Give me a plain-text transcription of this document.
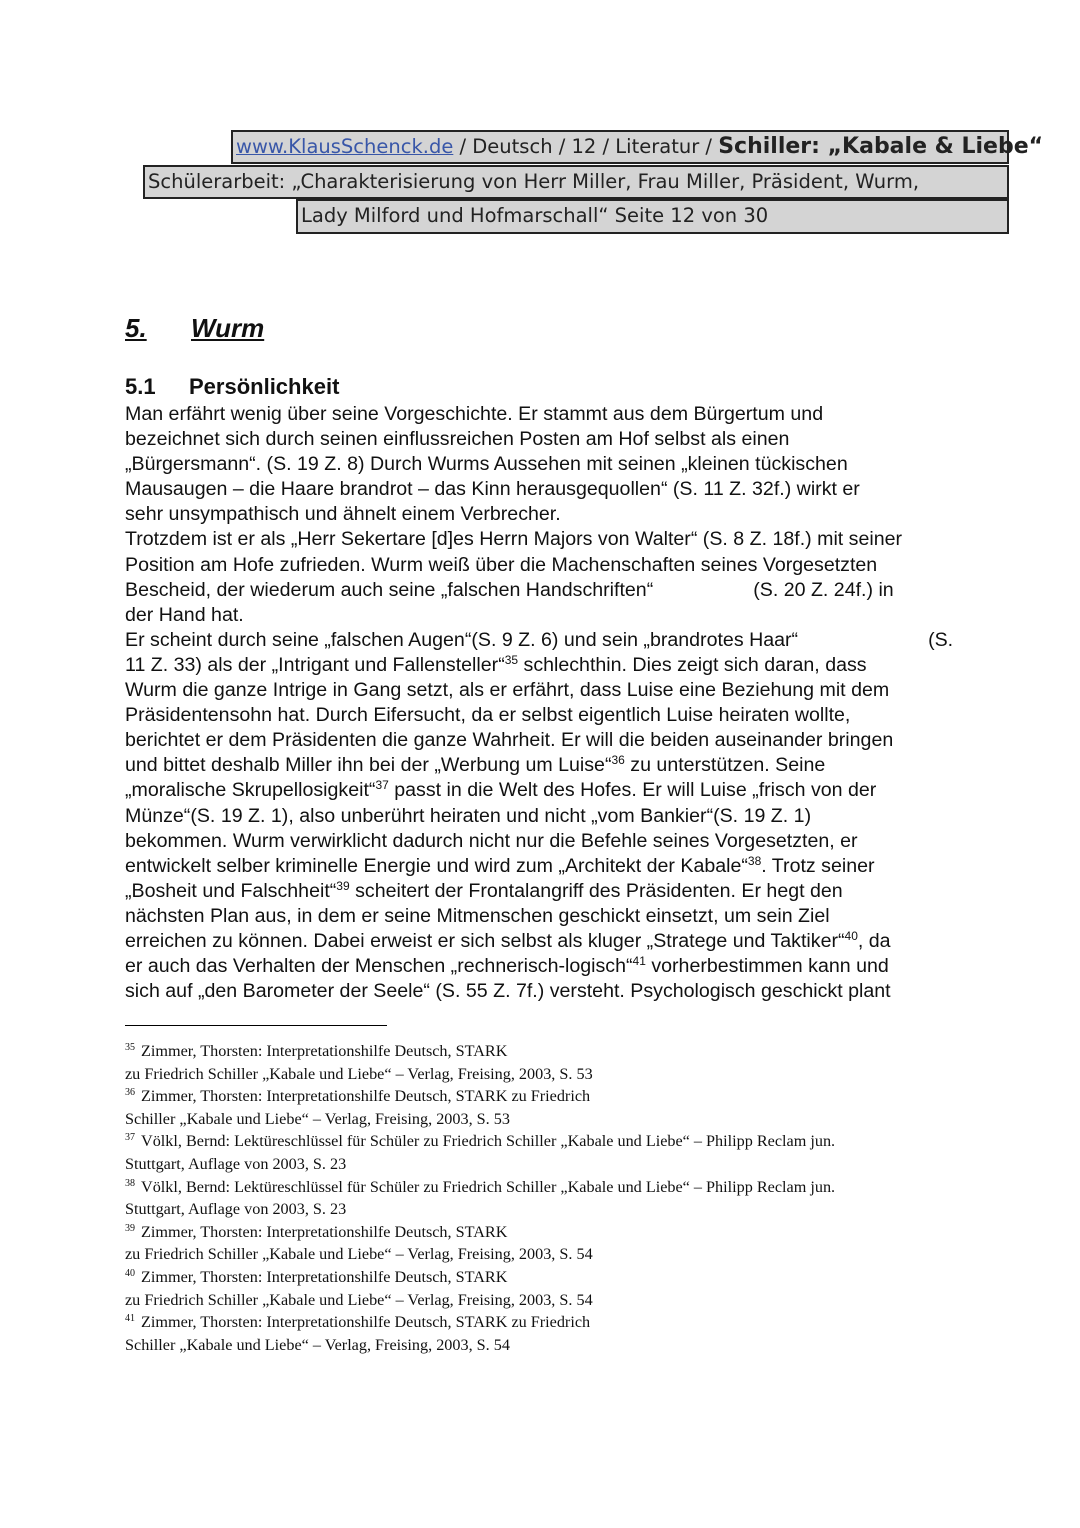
www.KlausSchenck.de / Deutsch / 12 / Literatur / Schiller: „Kabale & Liebe“
Schülerarbeit: „Charakterisierung von Herr Miller, Frau Miller, Präsident, Wurm,
Lady Milford und Hofmarschall“ Seite 12 von 30
5. Wurm
5.1 Persönlichkeit
Man erfährt wenig über seine Vorgeschichte. Er stammt aus dem Bürgertum und
bezeichnet sich durch seinen einflussreichen Posten am Hof selbst als einen
„Bürgersmann“. (S. 19 Z. 8) Durch Wurms Aussehen mit seinen „kleinen tückischen
Mausaugen – die Haare brandrot – das Kinn herausgequollen“ (S. 11 Z. 32f.) wirkt er
sehr unsympathisch und ähnelt einem Verbrecher.
Trotzdem ist er als „Herr Sekertare [d]es Herrn Majors von Walter“ (S. 8 Z. 18f.) mit seiner
Position am Hofe zufrieden. Wurm weiß über die Machenschaften seines Vorgesetzten
Bescheid, der wiederum auch seine „falschen Handschriften“	(S. 20 Z. 24f.) in
der Hand hat.
Er scheint durch seine „falschen Augen“(S. 9 Z. 6) und sein „brandrotes Haar“	(S.
11 Z. 33) als der „Intrigant und Fallensteller“$^{35}$ schlechthin. Dies zeigt sich daran, dass
Wurm die ganze Intrige in Gang setzt, als er erfährt, dass Luise eine Beziehung mit dem
Präsidentensohn hat. Durch Eifersucht, da er selbst eigentlich Luise heiraten wollte,
berichtet er dem Präsidenten die ganze Wahrheit. Er will die beiden auseinander bringen
und bittet deshalb Miller ihn bei der „Werbung um Luise“$^{36}$ zu unterstützen. Seine
„moralische Skrupellosigkeit“$^{37}$ passt in die Welt des Hofes. Er will Luise „frisch von der
Münze“(S. 19 Z. 1), also unberührt heiraten und nicht „vom Bankier“(S. 19 Z. 1)
bekommen. Wurm verwirklicht dadurch nicht nur die Befehle seines Vorgesetzten, er
entwickelt selber kriminelle Energie und wird zum „Architekt der Kabale“$^{38}$. Trotz seiner
„Bosheit und Falschheit“$^{39}$ scheitert der Frontalangriff des Präsidenten. Er hegt den
nächsten Plan aus, in dem er seine Mitmenschen geschickt einsetzt, um sein Ziel
erreichen zu können. Dabei erweist er sich selbst als kluger „Stratege und Taktiker“$^{40}$, da
er auch das Verhalten der Menschen „rechnerisch-logisch“$^{41}$ vorherbestimmen kann und
sich auf „den Barometer der Seele“ (S. 55 Z. 7f.) versteht. Psychologisch geschickt plant
$^{35}$ Zimmer, Thorsten: Interpretationshilfe Deutsch, STARK
zu Friedrich Schiller „Kabale und Liebe“ – Verlag, Freising, 2003, S. 53
$^{36}$ Zimmer, Thorsten: Interpretationshilfe Deutsch, STARK zu Friedrich
Schiller „Kabale und Liebe“ – Verlag, Freising, 2003, S. 53
$^{37}$ Völkl, Bernd: Lektüreschlüssel für Schüler zu Friedrich Schiller „Kabale und Liebe“ – Philipp Reclam jun.
Stuttgart, Auflage von 2003, S. 23
$^{38}$ Völkl, Bernd: Lektüreschlüssel für Schüler zu Friedrich Schiller „Kabale und Liebe“ – Philipp Reclam jun.
Stuttgart, Auflage von 2003, S. 23
$^{39}$ Zimmer, Thorsten: Interpretationshilfe Deutsch, STARK
zu Friedrich Schiller „Kabale und Liebe“ – Verlag, Freising, 2003, S. 54
$^{40}$ Zimmer, Thorsten: Interpretationshilfe Deutsch, STARK
zu Friedrich Schiller „Kabale und Liebe“ – Verlag, Freising, 2003, S. 54
$^{41}$ Zimmer, Thorsten: Interpretationshilfe Deutsch, STARK zu Friedrich
Schiller „Kabale und Liebe“ – Verlag, Freising, 2003, S. 54
